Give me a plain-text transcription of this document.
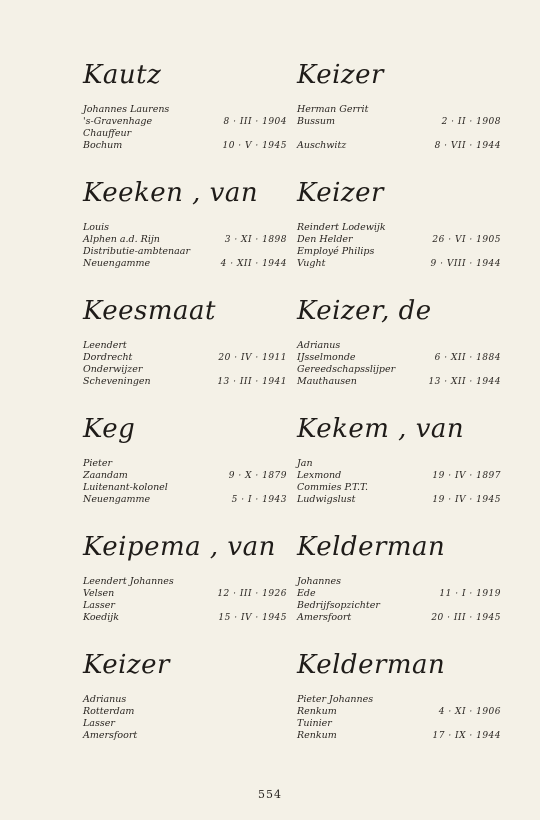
Kautz
Johannes Laurens
's-Gravenhage	8 · III · 1904
Chauffeur
Bochum	10 · V · 1945
Keeken , van
Louis
Alphen a.d. Rijn	3 · XI · 1898
Distributie-ambtenaar
Neuengamme	4 · XII · 1944
Keesmaat
Leendert
Dordrecht	20 · IV · 1911
Onderwijzer
Scheveningen	13 · III · 1941
Keg
Pieter
Zaandam	9 · X · 1879
Luitenant-kolonel
Neuengamme	5 · I · 1943
Keipema , van
Leendert Johannes
Velsen	12 · III · 1926
Lasser
Koedijk	15 · IV · 1945
Keizer
Adrianus
Rotterdam
Lasser
Amersfoort
Keizer
Herman Gerrit
Bussum	2 · II · 1908
Auschwitz	8 · VII · 1944
Keizer
Reindert Lodewijk
Den Helder	26 · VI · 1905
Employé Philips
Vught	9 · VIII · 1944
Keizer, de
Adrianus
IJsselmonde	6 · XII · 1884
Gereedschapsslijper
Mauthausen	13 · XII · 1944
Kekem , van
Jan
Lexmond	19 · IV · 1897
Commies P.T.T.
Ludwigslust	19 · IV · 1945
Kelderman
Johannes
Ede	11 · I · 1919
Bedrijfsopzichter
Amersfoort	20 · III · 1945
Kelderman
Pieter Johannes
Renkum	4 · XI · 1906
Tuinier
Renkum	17 · IX · 1944
554
